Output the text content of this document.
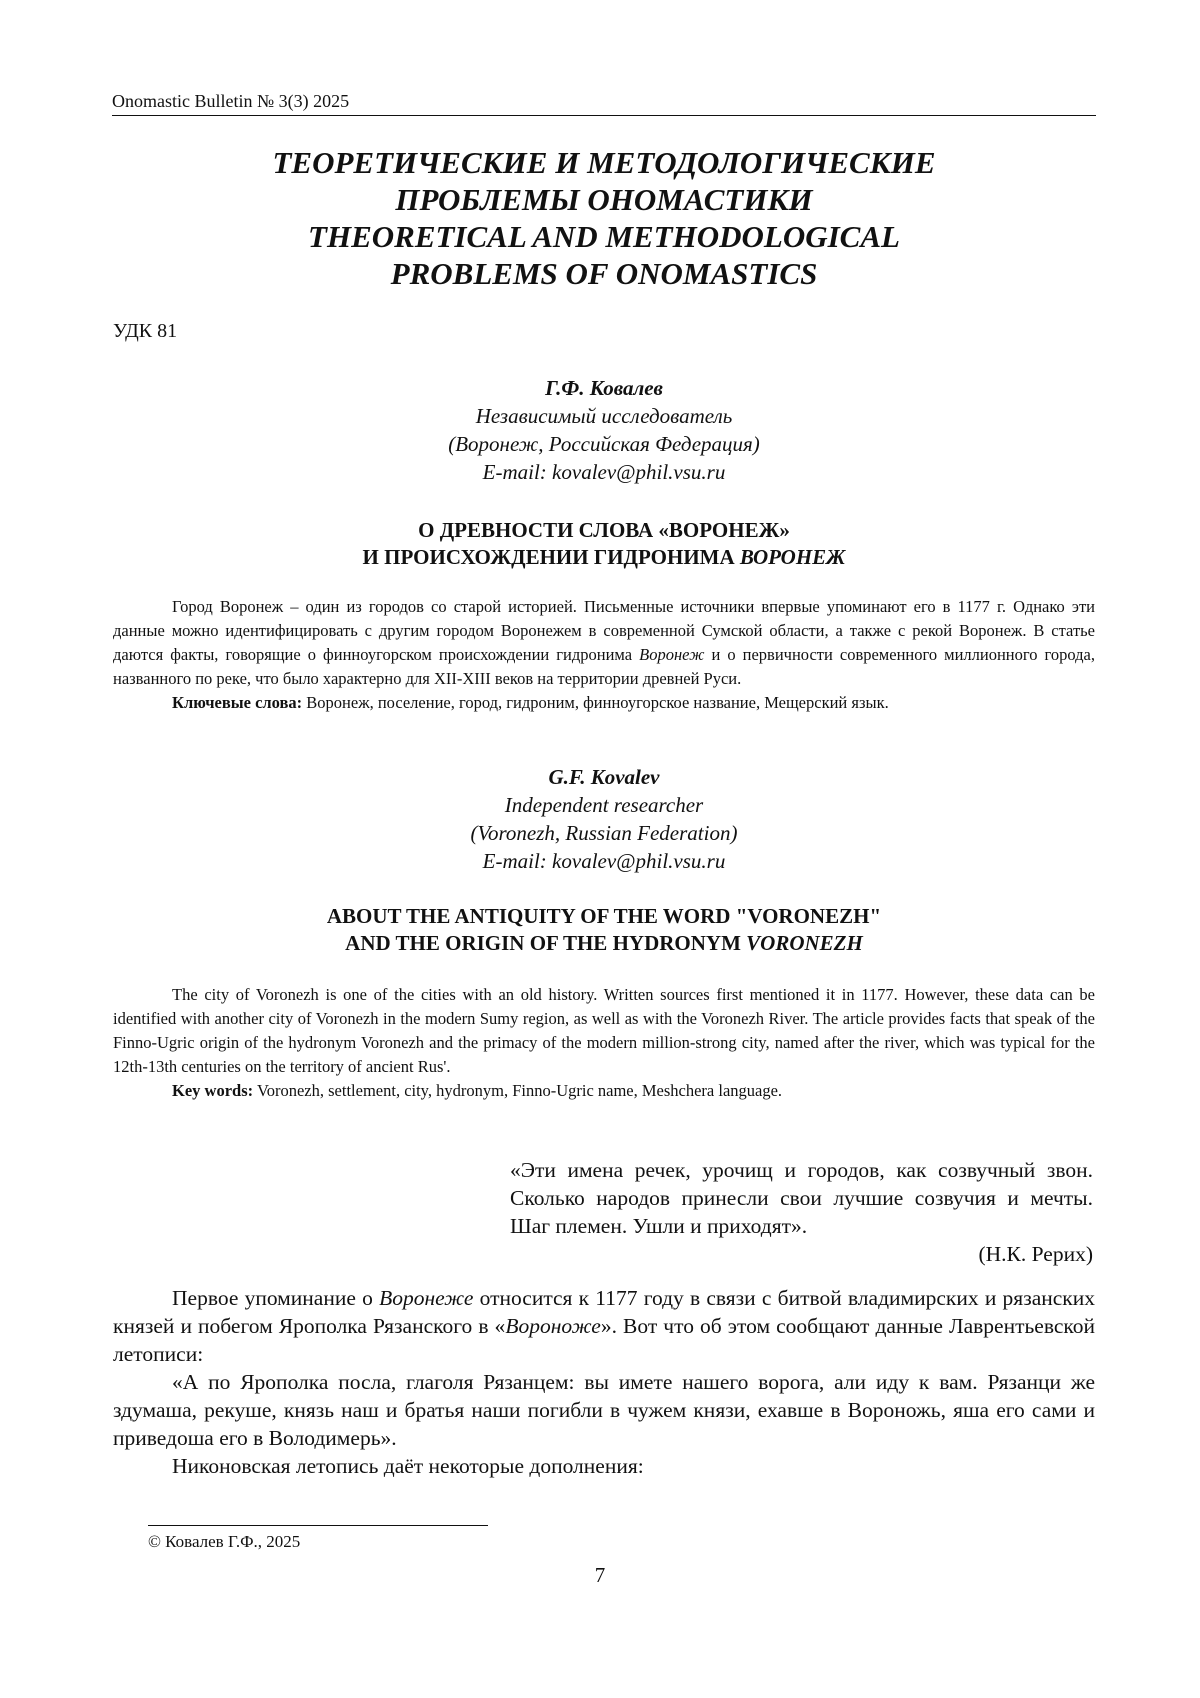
Onomastic Bulletin № 3(3) 2025
ТЕОРЕТИЧЕСКИЕ И МЕТОДОЛОГИЧЕСКИЕ
ПРОБЛЕМЫ ОНОМАСТИКИ
THEORETICAL AND METHODOLOGICAL
PROBLEMS OF ONOMASTICS
УДК 81
Г.Ф. Ковалев
Независимый исследователь
(Воронеж, Российская Федерация)
E-mail: kovalev@phil.vsu.ru
О ДРЕВНОСТИ СЛОВА «ВОРОНЕЖ»
И ПРОИСХОЖДЕНИИ ГИДРОНИМА ВОРОНЕЖ

Город Воронеж – один из городов со старой историей. Письменные источники впервые упоминают его в 1177 г. Однако эти данные можно идентифицировать с другим городом Воронежем в современной Сумской области, а также с рекой Воронеж. В статье даются факты, говорящие о финноугорском происхождении гидронима Воронеж и о первичности современного миллионного города, названного по реке, что было характерно для XII-XIII веков на территории древней Руси.

Ключевые слова: Воронеж, поселение, город, гидроним, финноугорское название, Мещерский язык.

G.F. Kovalev
Independent researcher
(Voronezh, Russian Federation)
E-mail: kovalev@phil.vsu.ru
ABOUT THE ANTIQUITY OF THE WORD "VORONEZH"
AND THE ORIGIN OF THE HYDRONYM VORONEZH

The city of Voronezh is one of the cities with an old history. Written sources first mentioned it in 1177. However, these data can be identified with another city of Voronezh in the modern Sumy region, as well as with the Voronezh River. The article provides facts that speak of the Finno-Ugric origin of the hydronym Voronezh and the primacy of the modern million-strong city, named after the river, which was typical for the 12th-13th centuries on the territory of ancient Rus'.

Key words: Voronezh, settlement, city, hydronym, Finno-Ugric name, Meshchera language.

«Эти имена речек, урочищ и городов, как созвучный звон. Сколько народов принесли свои лучшие созвучия и мечты. Шаг племен. Ушли и приходят».

(Н.К. Рерих)

Первое упоминание о Воронеже относится к 1177 году в связи с битвой владимирских и рязанских князей и побегом Ярополка Рязанского в «Вороноже». Вот что об этом сообщают данные Лаврентьевской летописи:

«А по Ярополка посла, глаголя Рязанцем: вы имете нашего ворога, али иду к вам. Рязанци же здумаша, рекуше, князь наш и братья наши погибли в чужем князи, ехавше в Вороножь, яша его сами и приведоша его в Володимерь».

Никоновская летопись даёт некоторые дополнения:

© Ковалев Г.Ф., 2025
7
